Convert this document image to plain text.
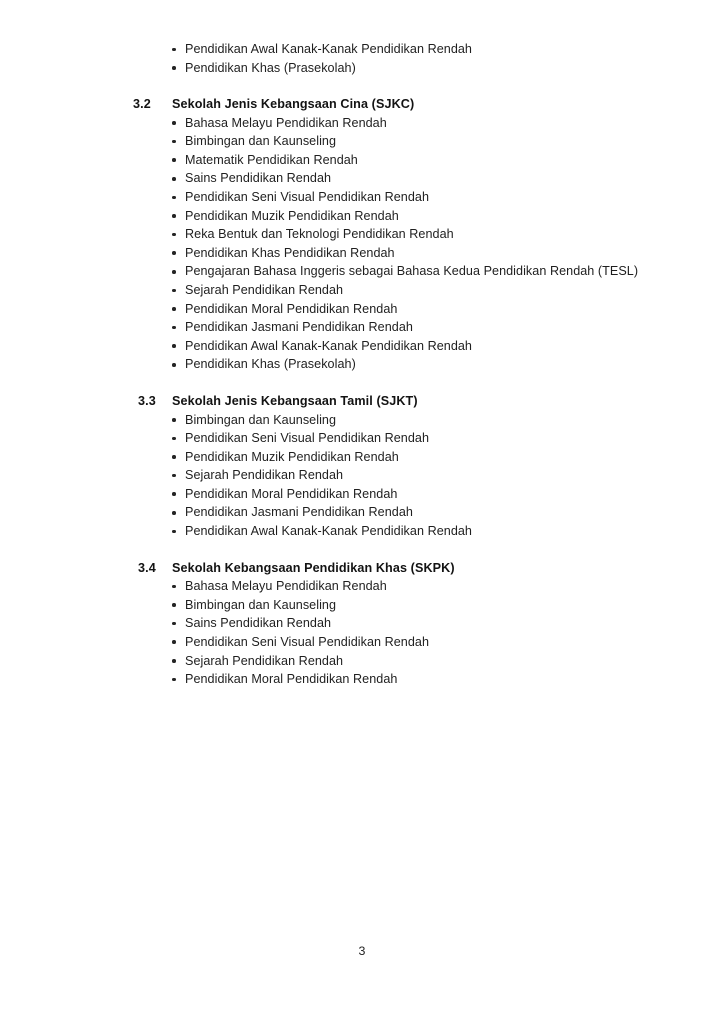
Pendidikan Awal Kanak-Kanak Pendidikan Rendah
Pendidikan Khas (Prasekolah)
3.2	Sekolah Jenis Kebangsaan Cina (SJKC)
Bahasa Melayu Pendidikan Rendah
Bimbingan dan Kaunseling
Matematik Pendidikan Rendah
Sains Pendidikan Rendah
Pendidikan Seni Visual Pendidikan Rendah
Pendidikan Muzik Pendidikan Rendah
Reka Bentuk dan Teknologi Pendidikan Rendah
Pendidikan Khas Pendidikan Rendah
Pengajaran Bahasa Inggeris sebagai Bahasa Kedua Pendidikan Rendah (TESL)
Sejarah Pendidikan Rendah
Pendidikan Moral Pendidikan Rendah
Pendidikan Jasmani Pendidikan Rendah
Pendidikan Awal Kanak-Kanak Pendidikan Rendah
Pendidikan Khas (Prasekolah)
3.3	Sekolah Jenis Kebangsaan Tamil (SJKT)
Bimbingan dan Kaunseling
Pendidikan Seni Visual Pendidikan Rendah
Pendidikan Muzik Pendidikan Rendah
Sejarah Pendidikan Rendah
Pendidikan Moral Pendidikan Rendah
Pendidikan Jasmani Pendidikan Rendah
Pendidikan Awal Kanak-Kanak Pendidikan Rendah
3.4	Sekolah Kebangsaan Pendidikan Khas (SKPK)
Bahasa Melayu Pendidikan Rendah
Bimbingan dan Kaunseling
Sains Pendidikan Rendah
Pendidikan Seni Visual Pendidikan Rendah
Sejarah Pendidikan Rendah
Pendidikan Moral Pendidikan Rendah
3
